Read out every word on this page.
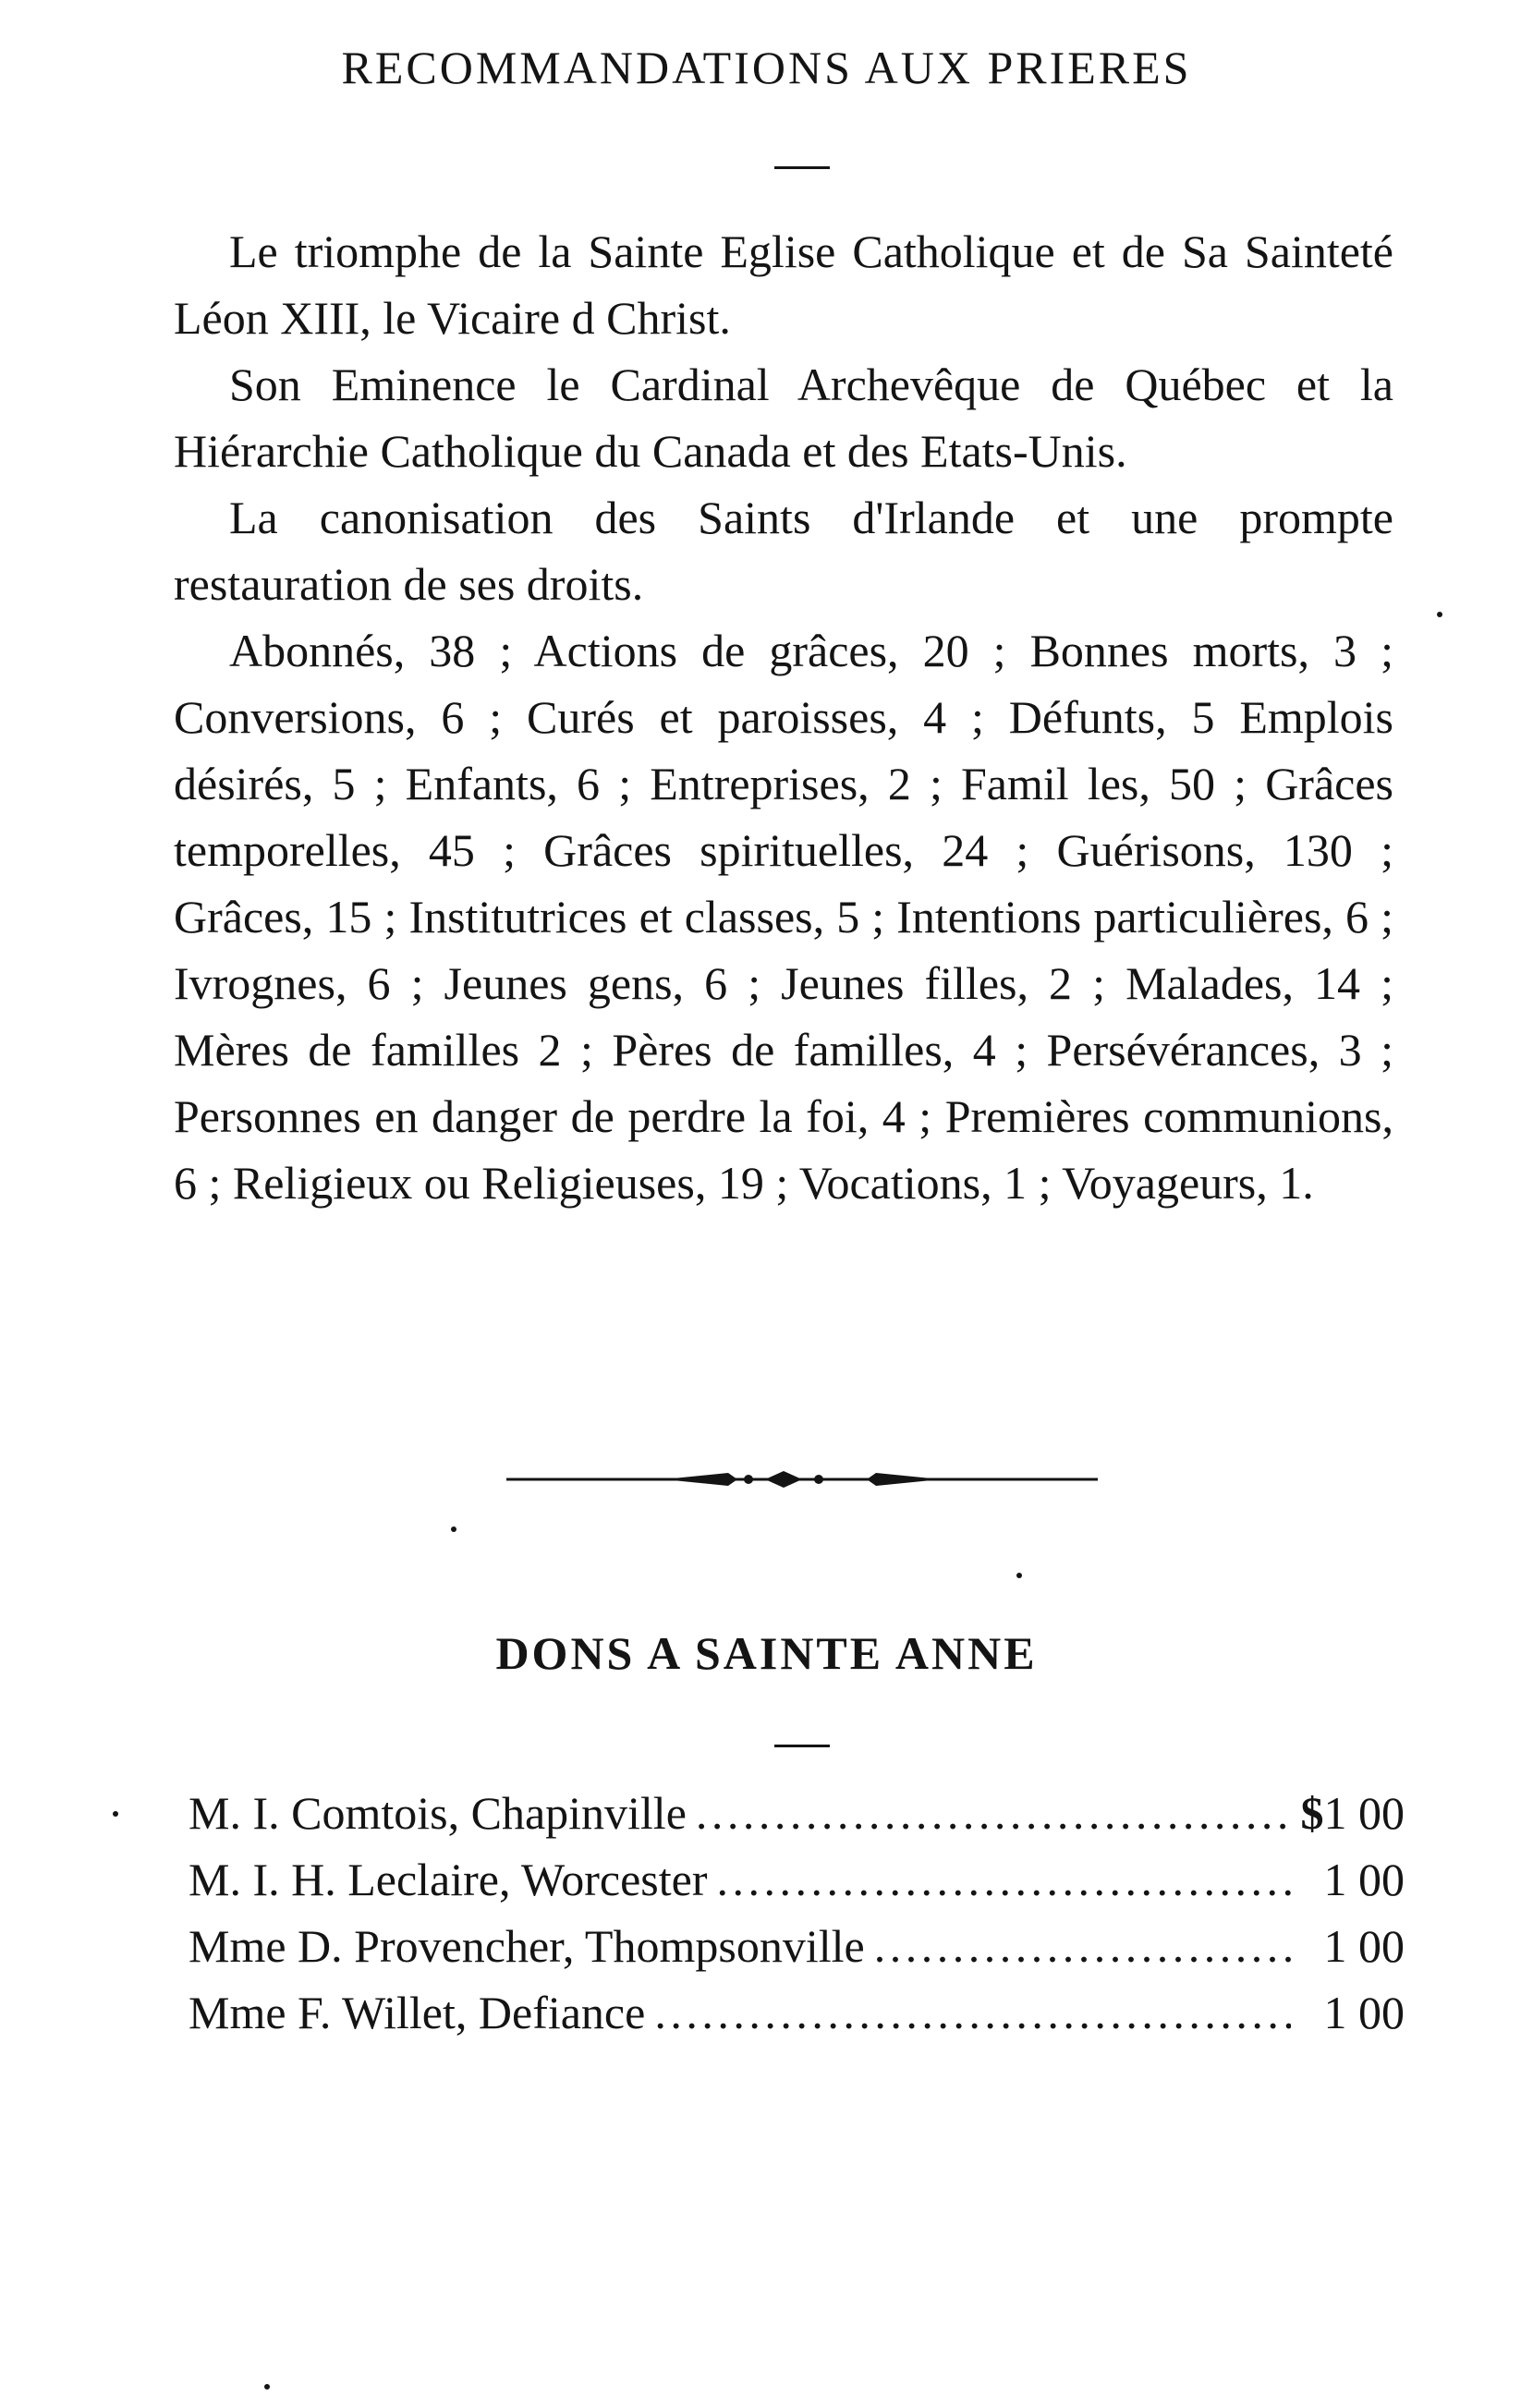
RECOMMANDATIONS AUX PRIERES

Le triomphe de la Sainte Eglise Catholique et de Sa Sainteté Léon XIII, le Vicaire d Christ.

Son Eminence le Cardinal Archevêque de Québec et la Hiérarchie Catholique du Canada et des Etats-Unis.

La canonisation des Saints d'Irlande et une prompte restauration de ses droits.

Abonnés, 38 ; Actions de grâces, 20 ; Bonnes morts, 3 ; Conversions, 6 ; Curés et paroisses, 4 ; Défunts, 5 Emplois désirés, 5 ; Enfants, 6 ; Entreprises, 2 ; Famil les, 50 ; Grâces temporelles, 45 ; Grâces spirituelles, 24 ; Guérisons, 130 ; Grâces, 15 ; Institutrices et classes, 5 ; Intentions particulières, 6 ; Ivrognes, 6 ; Jeunes gens, 6 ; Jeunes filles, 2 ; Malades, 14 ; Mères de familles 2 ; Pères de familles, 4 ; Persévérances, 3 ; Personnes en danger de perdre la foi, 4 ; Premières communions, 6 ; Religieux ou Religieuses, 19 ; Vocations, 1 ; Voyageurs, 1.

DONS A SAINTE ANNE
M. I. Comtois, Chapinville . . .	$ 1 00
M. I. H. Leclaire, Worcester . . .	1 00
Mme D. Provencher, Thompsonville . . .	1 00
Mme F. Willet, Defiance . . .	1 00
